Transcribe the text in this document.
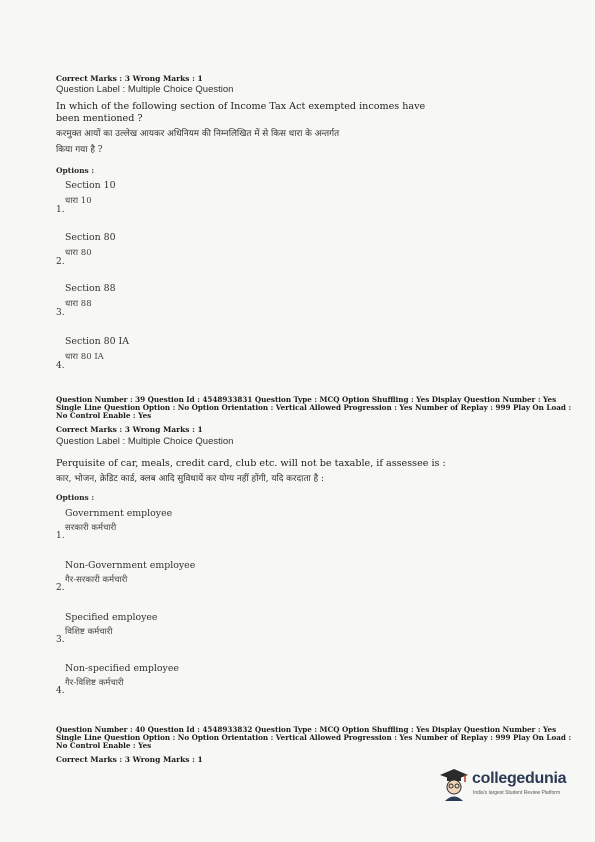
Correct Marks : 3 Wrong Marks : 1
Question Label : Multiple Choice Question
In which of the following section of Income Tax Act exempted incomes have
been mentioned ?
करमुक्त आयों का उल्लेख आयकर अधिनियम की निम्नलिखित में से किस धारा के अन्तर्गत
किया गया है ?
Options :
Section 10
धारा 10
1.
Section 80
धारा 80
2.
Section 88
धारा 88
3.
Section 80 IA
धारा 80 IA
4.
Question Number : 39 Question Id : 4548933831 Question Type : MCQ Option Shuffling : Yes Display Question Number : Yes
Single Line Question Option : No Option Orientation : Vertical Allowed Progression : Yes Number of Replay : 999 Play On Load :
No Control Enable : Yes
Correct Marks : 3 Wrong Marks : 1
Question Label : Multiple Choice Question
Perquisite of car, meals, credit card, club etc. will not be taxable, if assessee is :
कार, भोजन, क्रेडिट कार्ड, क्लब आदि सुविधायें कर योग्य नहीं होंगी, यदि करदाता है :
Options :
Government employee
सरकारी कर्मचारी
1.
Non-Government employee
गैर-सरकारी कर्मचारी
2.
Specified employee
विशिष्ट कर्मचारी
3.
Non-specified employee
गैर-विशिष्ट कर्मचारी
4.
Question Number : 40 Question Id : 4548933832 Question Type : MCQ Option Shuffling : Yes Display Question Number : Yes
Single Line Question Option : No Option Orientation : Vertical Allowed Progression : Yes Number of Replay : 999 Play On Load :
No Control Enable : Yes
Correct Marks : 3 Wrong Marks : 1
collegedunia
India's largest Student Review Platform
